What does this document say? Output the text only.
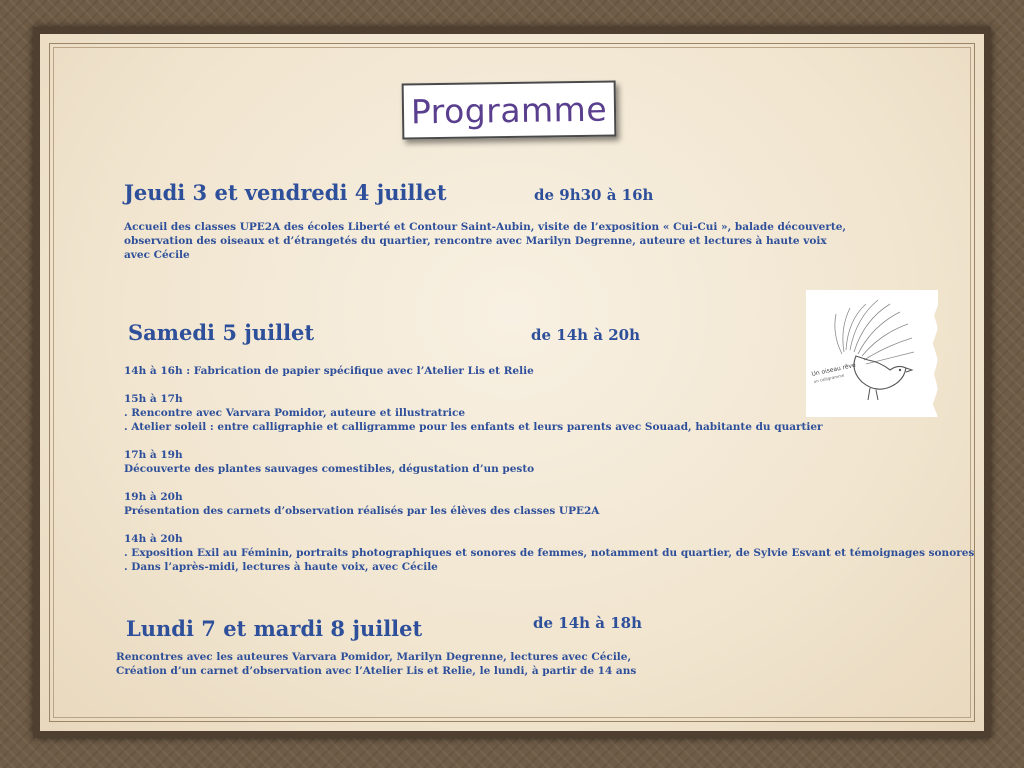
Programme
Jeudi 3 et vendredi 4 juillet	de 9h30 à 16h
Accueil des classes UPE2A des écoles Liberté et Contour Saint-Aubin, visite de l’exposition « Cui-Cui », balade découverte,
observation des oiseaux et d’étrangetés du quartier, rencontre avec Marilyn Degrenne, auteure et lectures à haute voix
avec Cécile
Samedi 5 juillet	de 14h à 20h
14h à 16h : Fabrication de papier spécifique avec l’Atelier Lis et Relie
15h à 17h
. Rencontre avec Varvara Pomidor, auteure et illustratrice
. Atelier soleil : entre calligraphie et calligramme pour les enfants et leurs parents avec Souaad, habitante du quartier
17h à 19h
Découverte des plantes sauvages comestibles, dégustation d’un pesto
19h à 20h
Présentation des carnets d’observation réalisés par les élèves des classes UPE2A
14h à 20h
. Exposition Exil au Féminin, portraits photographiques et sonores de femmes, notamment du quartier, de Sylvie Esvant et témoignages sonores
. Dans l’après-midi, lectures à haute voix, avec Cécile
Lundi 7 et mardi 8 juillet	de 14h à 18h
Rencontres avec les auteures Varvara Pomidor, Marilyn Degrenne, lectures avec Cécile,
Création d’un carnet d’observation avec l’Atelier Lis et Relie, le lundi, à partir de 14 ans
Un oiseau rêve
un calligramme
